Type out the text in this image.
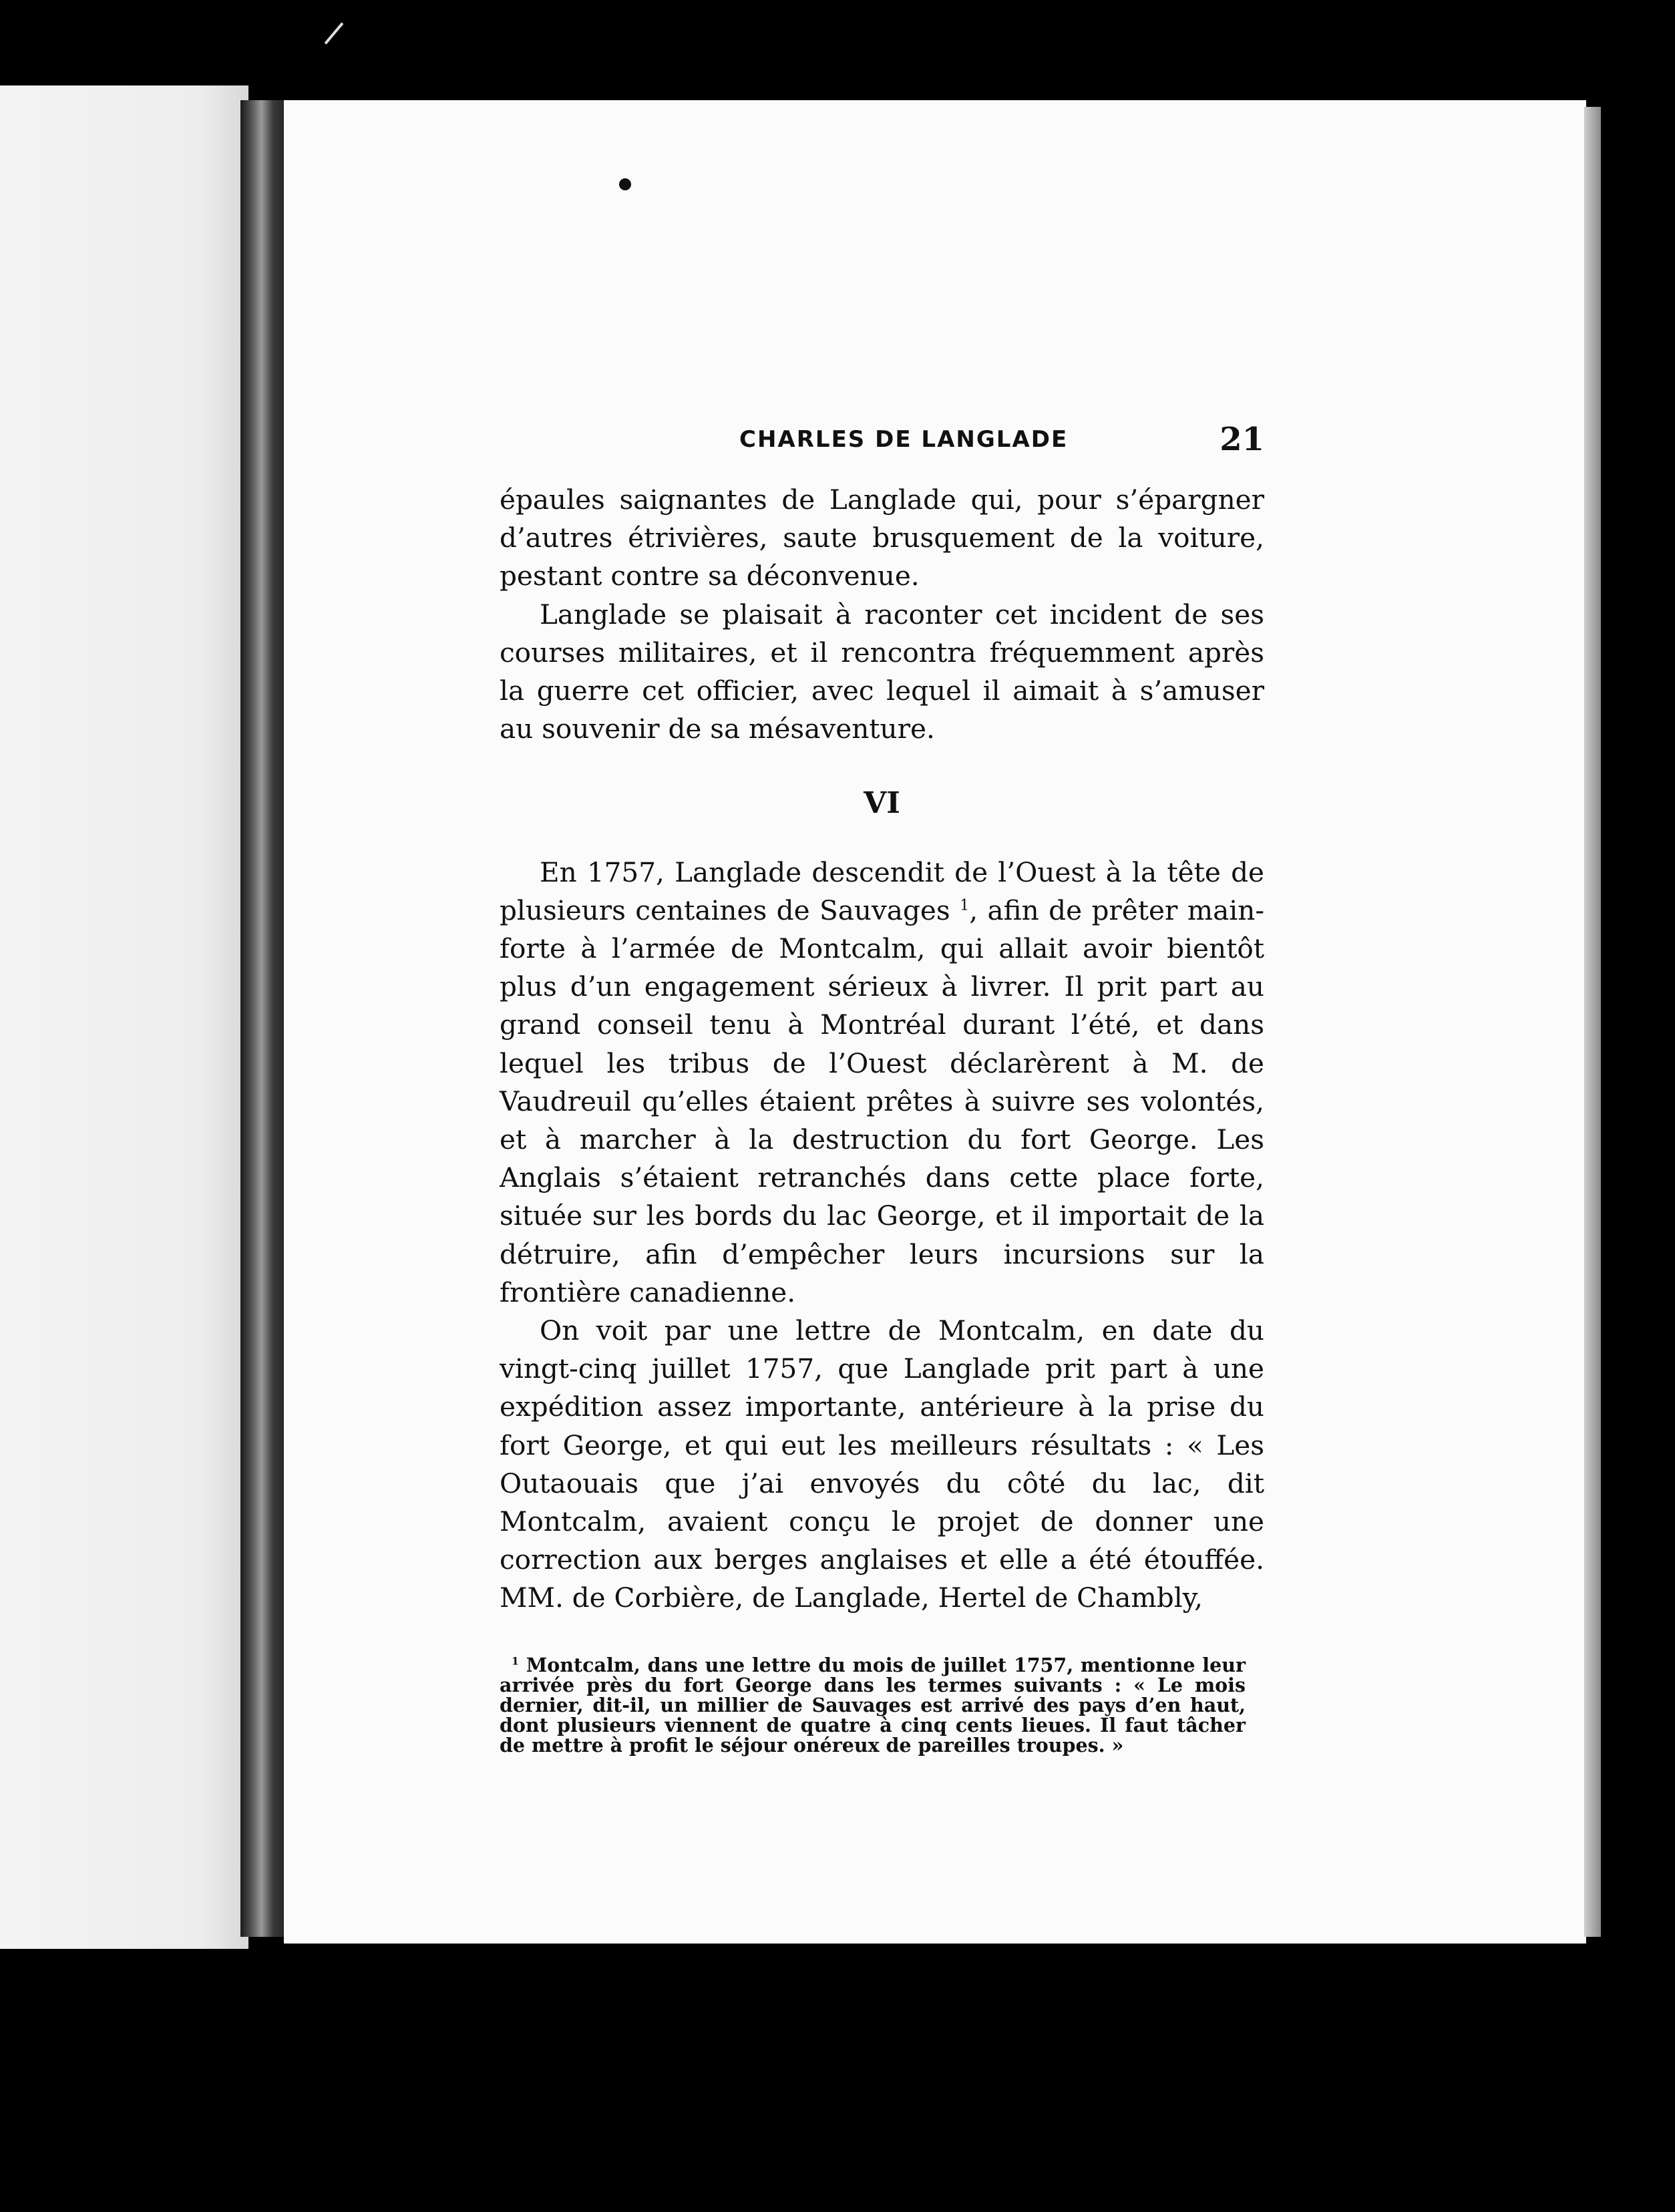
CHARLES DE LANGLADE	21

épaules saignantes de Langlade qui, pour s’épargner d’autres étrivières, saute brusquement de la voiture, pestant contre sa déconvenue.

Langlade se plaisait à raconter cet incident de ses courses militaires, et il rencontra fréquemment après la guerre cet officier, avec lequel il aimait à s’amuser au souvenir de sa mésaventure.

VI

En 1757, Langlade descendit de l’Ouest à la tête de plusieurs centaines de Sauvages $^1$, afin de prêter main-forte à l’armée de Montcalm, qui allait avoir bientôt plus d’un engagement sérieux à livrer. Il prit part au grand conseil tenu à Montréal durant l’été, et dans lequel les tribus de l’Ouest déclarèrent à M. de Vaudreuil qu’elles étaient prêtes à suivre ses volontés, et à marcher à la destruction du fort George. Les Anglais s’étaient retranchés dans cette place forte, située sur les bords du lac George, et il importait de la détruire, afin d’empêcher leurs incursions sur la frontière canadienne.

On voit par une lettre de Montcalm, en date du vingt-cinq juillet 1757, que Langlade prit part à une expédition assez importante, antérieure à la prise du fort George, et qui eut les meilleurs résultats : « Les Outaouais que j’ai envoyés du côté du lac, dit Montcalm, avaient conçu le projet de donner une correction aux berges anglaises et elle a été étouffée. MM. de Corbière, de Langlade, Hertel de Chambly,

$^1$ Montcalm, dans une lettre du mois de juillet 1757, mentionne leur arrivée près du fort George dans les termes suivants : « Le mois dernier, dit-il, un millier de Sauvages est arrivé des pays d’en haut, dont plusieurs viennent de quatre à cinq cents lieues. Il faut tâcher de mettre à profit le séjour onéreux de pareilles troupes. »
